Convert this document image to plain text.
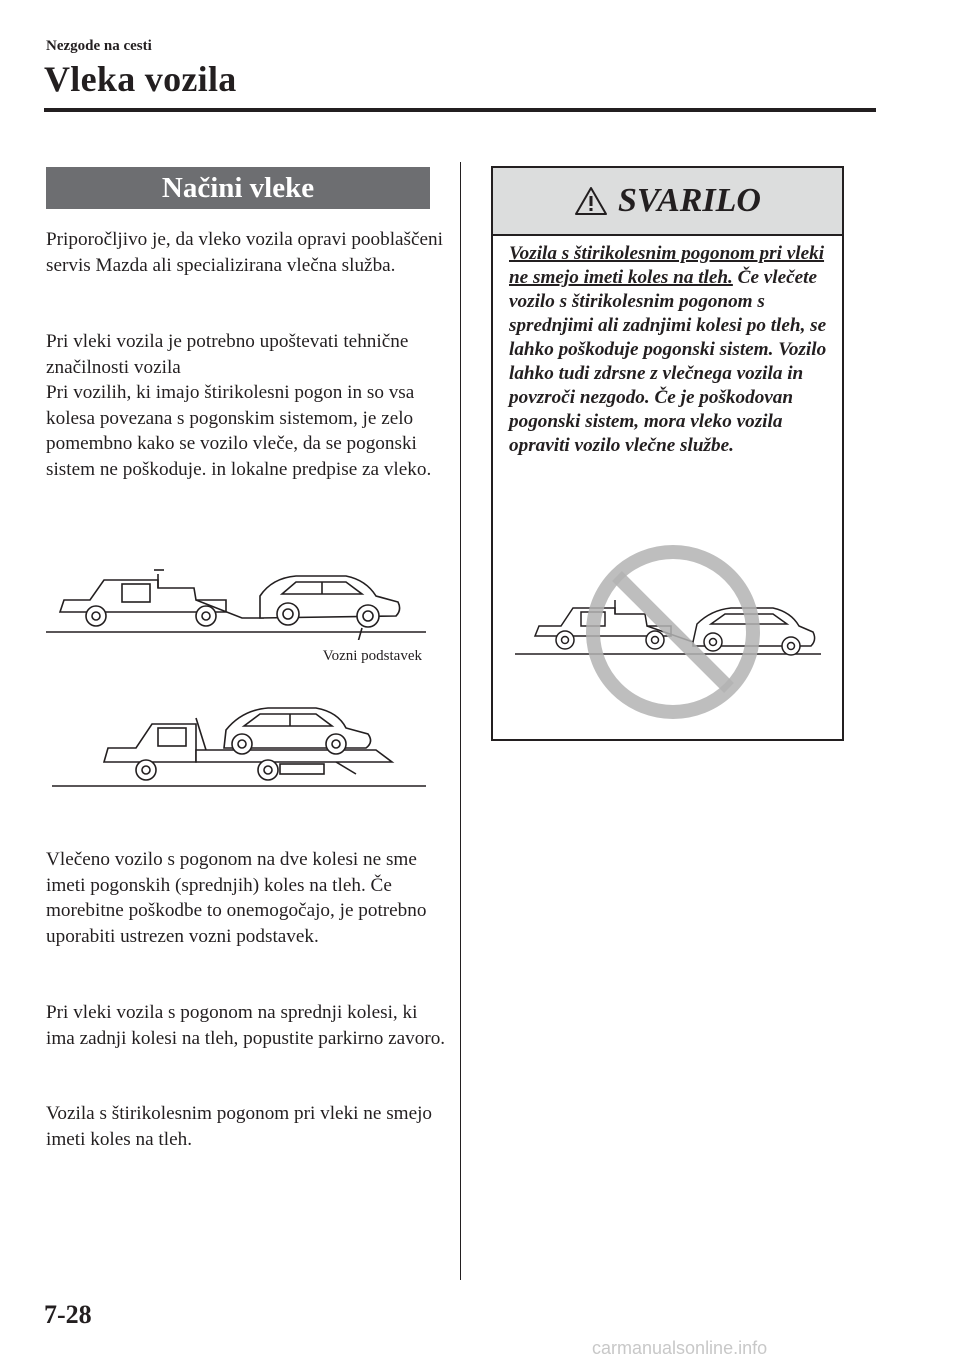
Nezgode na cesti
Vleka vozila
Načini vleke

Priporočljivo je, da vleko vozila opravi pooblaščeni servis Mazda ali specializirana vlečna služba.

Pri vleki vozila je potrebno upoštevati tehnične značilnosti vozila
Pri vozilih, ki imajo štirikolesni pogon in so vsa kolesa povezana s pogonskim sistemom, je zelo pomembno kako se vozilo vleče, da se pogonski sistem ne poškoduje. in lokalne predpise za vleko.

Vozni podstavek

Vlečeno vozilo s pogonom na dve kolesi ne sme imeti pogonskih (sprednjih) koles na tleh. Če morebitne poškodbe to onemogočajo, je potrebno uporabiti ustrezen vozni podstavek.

Pri vleki vozila s pogonom na sprednji kolesi, ki ima zadnji kolesi na tleh, popustite parkirno zavoro.

Vozila s štirikolesnim pogonom pri vleki ne smejo imeti koles na tleh.

SVARILO

Vozila s štirikolesnim pogonom pri vleki ne smejo imeti koles na tleh. Če vlečete vozilo s štirikolesnim pogonom s sprednjimi ali zadnjimi kolesi po tleh, se lahko poškoduje pogonski sistem. Vozilo lahko tudi zdrsne z vlečnega vozila in povzroči nezgodo. Če je poškodovan pogonski sistem, mora vleko vozila opraviti vozilo vlečne službe.

7-28
carmanualsonline.info
